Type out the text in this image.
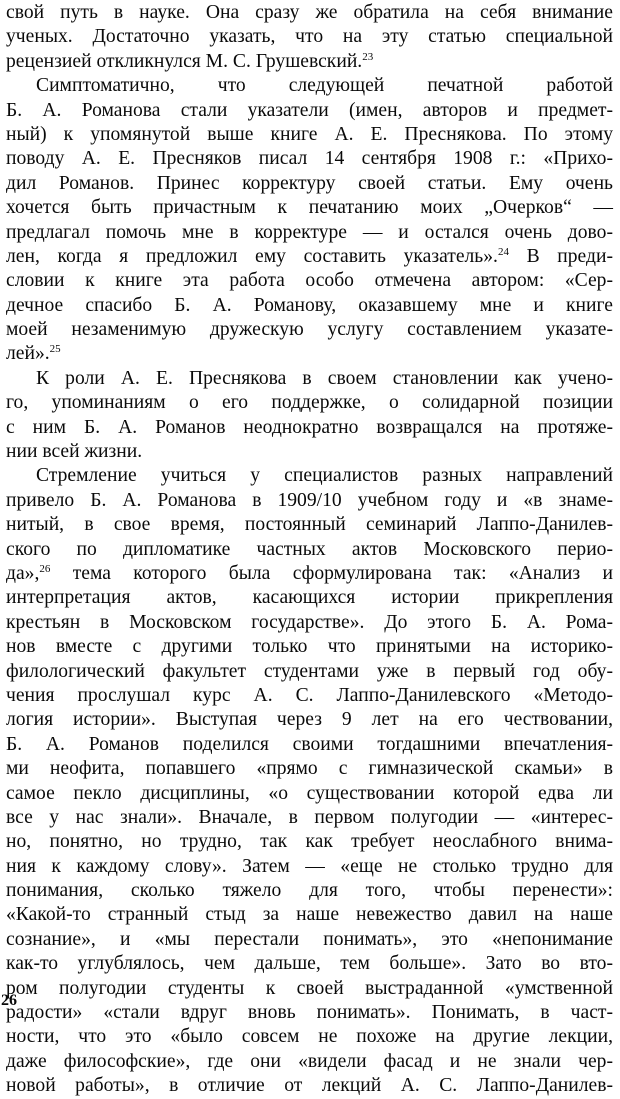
свой путь в науке. Она сразу же обратила на себя внимание
ученых. Достаточно указать, что на эту статью специальной
рецензией откликнулся М. С. Грушевский.$^{23}$
Симптоматично, что следующей печатной работой
Б. А. Романова стали указатели (имен, авторов и предмет-
ный) к упомянутой выше книге А. Е. Преснякова. По этому
поводу А. Е. Пресняков писал 14 сентября 1908 г.: «Прихо-
дил Романов. Принес корректуру своей статьи. Ему очень
хочется быть причастным к печатанию моих „Очерков“ —
предлагал помочь мне в корректуре — и остался очень дово-
лен, когда я предложил ему составить указатель».$^{24}$ В преди-
словии к книге эта работа особо отмечена автором: «Сер-
дечное спасибо Б. А. Романову, оказавшему мне и книге
моей незаменимую дружескую услугу составлением указате-
лей».$^{25}$
К роли А. Е. Преснякова в своем становлении как учено-
го, упоминаниям о его поддержке, о солидарной позиции
с ним Б. А. Романов неоднократно возвращался на протяже-
нии всей жизни.
Стремление учиться у специалистов разных направлений
привело Б. А. Романова в 1909/10 учебном году и «в знаме-
нитый, в свое время, постоянный семинарий Лаппо-Данилев-
ского по дипломатике частных актов Московского перио-
да»,$^{26}$ тема которого была сформулирована так: «Анализ и
интерпретация актов, касающихся истории прикрепления
крестьян в Московском государстве». До этого Б. А. Рома-
нов вместе с другими только что принятыми на историко-
филологический факультет студентами уже в первый год обу-
чения прослушал курс А. С. Лаппо-Данилевского «Методо-
логия истории». Выступая через 9 лет на его чествовании,
Б. А. Романов поделился своими тогдашними впечатления-
ми неофита, попавшего «прямо с гимназической скамьи» в
самое пекло дисциплины, «о существовании которой едва ли
все у нас знали». Вначале, в первом полугодии — «интерес-
но, понятно, но трудно, так как требует неослабного внима-
ния к каждому слову». Затем — «еще не столько трудно для
понимания, сколько тяжело для того, чтобы перенести»:
«Какой-то странный стыд за наше невежество давил на наше
сознание», и «мы перестали понимать», это «непонимание
как-то углублялось, чем дальше, тем больше». Зато во вто-
ром полугодии студенты к своей выстраданной «умственной
радости» «стали вдруг вновь понимать». Понимать, в част-
ности, что это «было совсем не похоже на другие лекции,
даже философские», где они «видели фасад и не знали чер-
новой работы», в отличие от лекций А. С. Лаппо-Данилев-
26
